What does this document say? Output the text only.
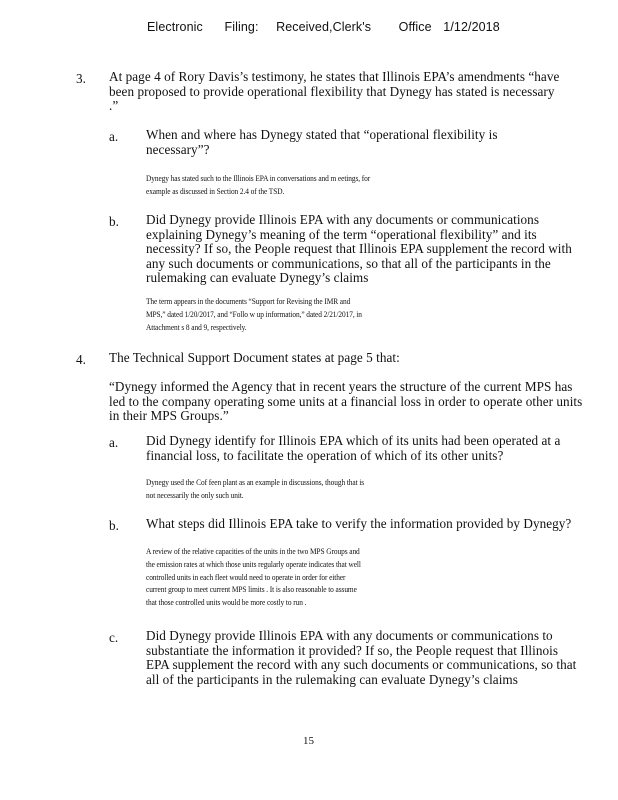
Electronic Filing: Received,Clerk's Office 1/12/2018
3. At page 4 of Rory Davis’s testimony, he states that Illinois EPA’s amendments “have
been proposed to provide operational flexibility that Dynegy has stated is necessary
.”
a. When and where has Dynegy stated that “operational flexibility is
necessary”?
Dynegy has stated such to the Illinois EPA in conversations and m eetings, for
example as discussed in Section 2.4 of the TSD.
b. Did Dynegy provide Illinois EPA with any documents or communications
explaining Dynegy’s meaning of the term “operational flexibility” and its
necessity? If so, the People request that Illinois EPA supplement the record with
any such documents or communications, so that all of the participants in the
rulemaking can evaluate Dynegy’s claims
The term appears in the documents “Support for Revising the IMR and
MPS,” dated 1/20/2017, and “Follo w up information,” dated 2/21/2017, in
Attachment s 8 and 9, respectively.
4. The Technical Support Document states at page 5 that:
“Dynegy informed the Agency that in recent years the structure of the current MPS has
led to the company operating some units at a financial loss in order to operate other units
in their MPS Groups.”
a. Did Dynegy identify for Illinois EPA which of its units had been operated at a
financial loss, to facilitate the operation of which of its other units?
Dynegy used the Cof feen plant as an example in discussions, though that is
not necessarily the only such unit.
b. What steps did Illinois EPA take to verify the information provided by Dynegy?
A review of the relative capacities of the units in the two MPS Groups and
the emission rates at which those units regularly operate indicates that well
controlled units in each fleet would need to operate in order for either
current group to meet current MPS limits . It is also reasonable to assume
that those controlled units would be more costly to run .
c. Did Dynegy provide Illinois EPA with any documents or communications to
substantiate the information it provided? If so, the People request that Illinois
EPA supplement the record with any such documents or communications, so that
all of the participants in the rulemaking can evaluate Dynegy’s claims
15
